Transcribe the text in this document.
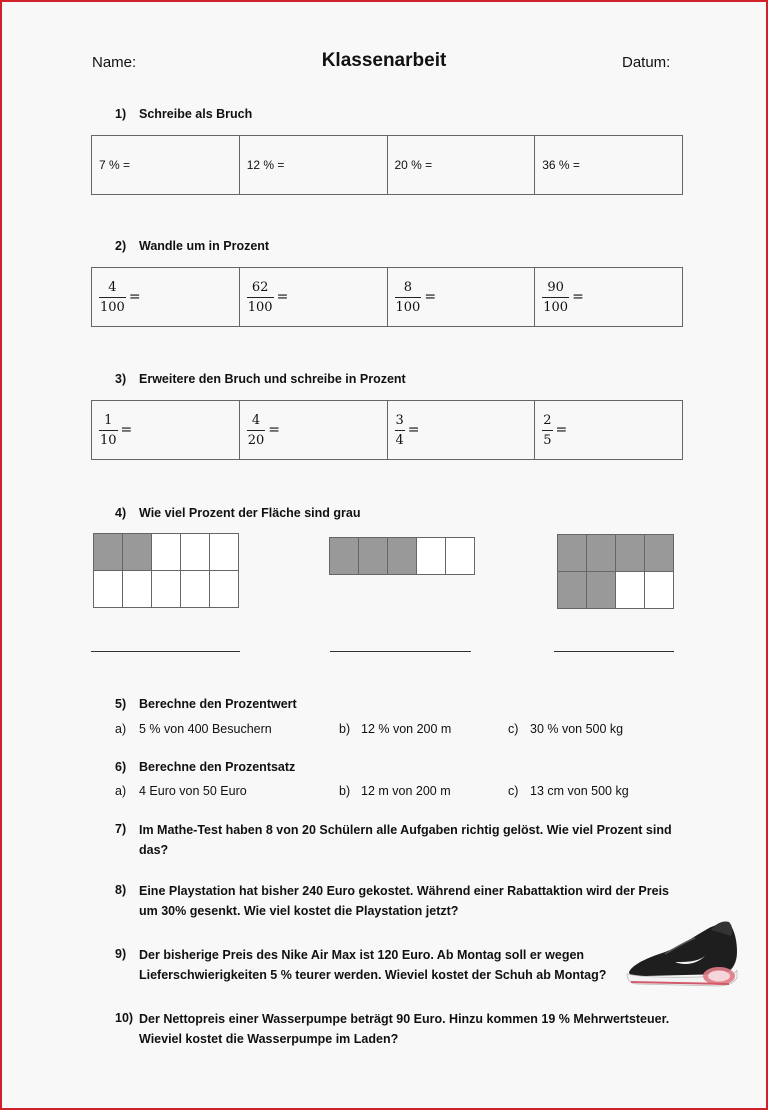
Name:	Klassenarbeit	Datum:
1) Schreibe als Bruch
7 % =	12 % =	20 % =	36 % =
2) Wandle um in Prozent
$\frac{4}{100}$ =	$\frac{62}{100}$ =	$\frac{8}{100}$ =	$\frac{90}{100}$ =
3) Erweitere den Bruch und schreibe in Prozent
$\frac{1}{10}$ =	$\frac{4}{20}$ =	$\frac{3}{4}$ =	$\frac{2}{5}$ =
4) Wie viel Prozent der Fläche sind grau
5) Berechne den Prozentwert
a) 5 % von 400 Besuchern	b) 12 % von 200 m	c) 30 % von 500 kg
6) Berechne den Prozentsatz
a) 4 Euro von 50 Euro	b) 12 m von 200 m	c) 13 cm von 500 kg
7) Im Mathe-Test haben 8 von 20 Schülern alle Aufgaben richtig gelöst. Wie viel Prozent sind das?
8) Eine Playstation hat bisher 240 Euro gekostet. Während einer Rabattaktion wird der Preis um 30% gesenkt. Wie viel kostet die Playstation jetzt?
9) Der bisherige Preis des Nike Air Max ist 120 Euro. Ab Montag soll er wegen Lieferschwierigkeiten 5 % teurer werden. Wieviel kostet der Schuh ab Montag?
10) Der Nettopreis einer Wasserpumpe beträgt 90 Euro. Hinzu kommen 19 % Mehrwertsteuer. Wieviel kostet die Wasserpumpe im Laden?
